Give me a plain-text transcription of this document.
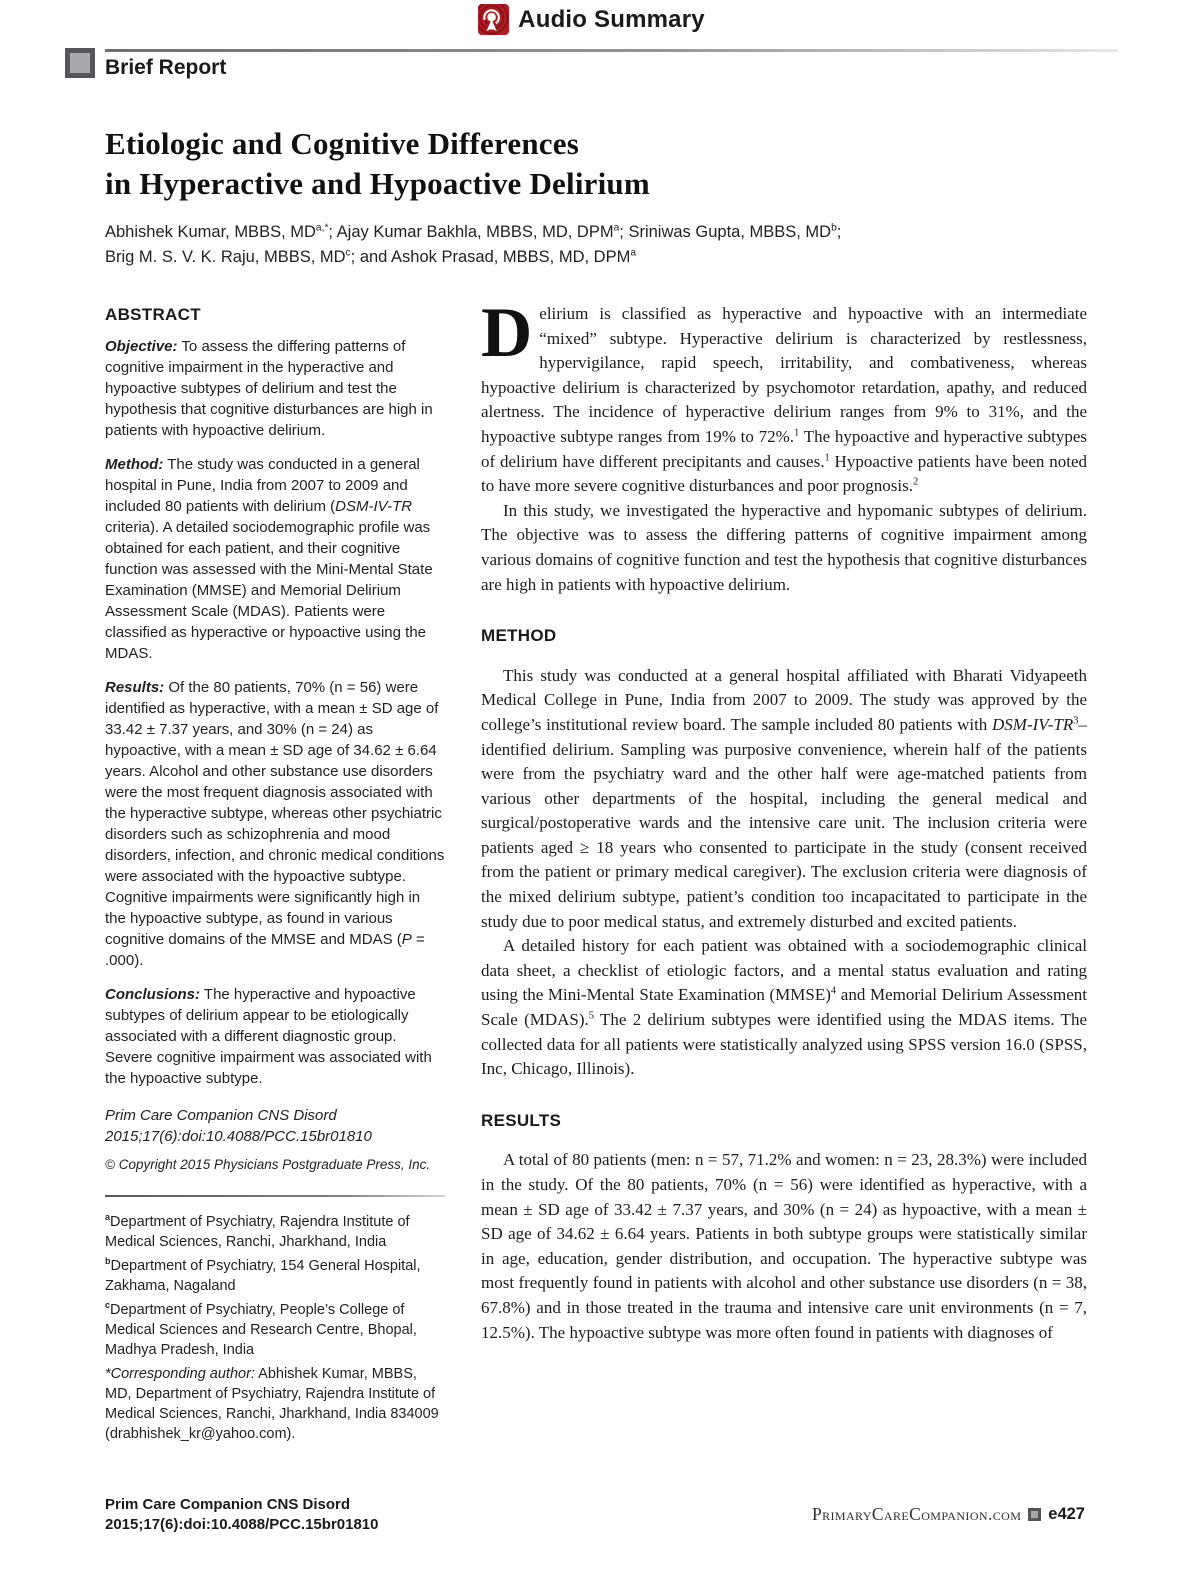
Audio Summary
Brief Report
Etiologic and Cognitive Differences
in Hyperactive and Hypoactive Delirium
Abhishek Kumar, MBBS, $MD^{a,*}$; Ajay Kumar Bakhla, MBBS, MD, DPM$^a$; Sriniwas Gupta, MBBS, $MD^b$;
Brig M. S. V. K. Raju, MBBS, $MD^c$; and Ashok Prasad, MBBS, MD, DPM$^a$
ABSTRACT

Objective: To assess the differing patterns of cognitive impairment in the hyperactive and hypoactive subtypes of delirium and test the hypothesis that cognitive disturbances are high in patients with hypoactive delirium.

Method: The study was conducted in a general hospital in Pune, India from 2007 to 2009 and included 80 patients with delirium (DSM-IV-TR criteria). A detailed sociodemographic profile was obtained for each patient, and their cognitive function was assessed with the Mini-Mental State Examination (MMSE) and Memorial Delirium Assessment Scale (MDAS). Patients were classified as hyperactive or hypoactive using the MDAS.

Results: Of the 80 patients, 70% (n = 56) were identified as hyperactive, with a mean ± SD age of 33.42 ± 7.37 years, and 30% (n = 24) as hypoactive, with a mean ± SD age of 34.62 ± 6.64 years. Alcohol and other substance use disorders were the most frequent diagnosis associated with the hyperactive subtype, whereas other psychiatric disorders such as schizophrenia and mood disorders, infection, and chronic medical conditions were associated with the hypoactive subtype. Cognitive impairments were significantly high in the hypoactive subtype, as found in various cognitive domains of the MMSE and MDAS (P = .000).

Conclusions: The hyperactive and hypoactive subtypes of delirium appear to be etiologically associated with a different diagnostic group. Severe cognitive impairment was associated with the hypoactive subtype.

Prim Care Companion CNS Disord
2015;17(6):doi:10.4088/PCC.15br01810
© Copyright 2015 Physicians Postgraduate Press, Inc.

$^a$Department of Psychiatry, Rajendra Institute of Medical Sciences, Ranchi, Jharkhand, India

$^b$Department of Psychiatry, 154 General Hospital, Zakhama, Nagaland

$^c$Department of Psychiatry, People’s College of Medical Sciences and Research Centre, Bhopal, Madhya Pradesh, India

*Corresponding author: Abhishek Kumar, MBBS, MD, Department of Psychiatry, Rajendra Institute of Medical Sciences, Ranchi, Jharkhand, India 834009 (drabhishek_kr@yahoo.com).

Delirium is classified as hyperactive and hypoactive with an intermediate “mixed” subtype. Hyperactive delirium is characterized by restlessness, hypervigilance, rapid speech, irritability, and combativeness, whereas hypoactive delirium is characterized by psychomotor retardation, apathy, and reduced alertness. The incidence of hyperactive delirium ranges from 9% to 31%, and the hypoactive subtype ranges from 19% to 72%.$^1$ The hypoactive and hyperactive subtypes of delirium have different precipitants and causes.$^1$ Hypoactive patients have been noted to have more severe cognitive disturbances and poor prognosis.$^2$

In this study, we investigated the hyperactive and hypomanic subtypes of delirium. The objective was to assess the differing patterns of cognitive impairment among various domains of cognitive function and test the hypothesis that cognitive disturbances are high in patients with hypoactive delirium.

METHOD

This study was conducted at a general hospital affiliated with Bharati Vidyapeeth Medical College in Pune, India from 2007 to 2009. The study was approved by the college’s institutional review board. The sample included 80 patients with DSM-$IV-TR^3$–identified delirium. Sampling was purposive convenience, wherein half of the patients were from the psychiatry ward and the other half were age-matched patients from various other departments of the hospital, including the general medical and surgical/postoperative wards and the intensive care unit. The inclusion criteria were patients aged ≥ 18 years who consented to participate in the study (consent received from the patient or primary medical caregiver). The exclusion criteria were diagnosis of the mixed delirium subtype, patient’s condition too incapacitated to participate in the study due to poor medical status, and extremely disturbed and excited patients.

A detailed history for each patient was obtained with a sociodemographic clinical data sheet, a checklist of etiologic factors, and a mental status evaluation and rating using the Mini-Mental State Examination (MMSE)$^4$ and Memorial Delirium Assessment Scale (MDAS).$^5$ The 2 delirium subtypes were identified using the MDAS items. The collected data for all patients were statistically analyzed using SPSS version 16.0 (SPSS, Inc, Chicago, Illinois).

RESULTS

A total of 80 patients (men: n = 57, 71.2% and women: n = 23, 28.3%) were included in the study. Of the 80 patients, 70% (n = 56) were identified as hyperactive, with a mean ± SD age of 33.42 ± 7.37 years, and 30% (n = 24) as hypoactive, with a mean ± SD age of 34.62 ± 6.64 years. Patients in both subtype groups were statistically similar in age, education, gender distribution, and occupation. The hyperactive subtype was most frequently found in patients with alcohol and other substance use disorders (n = 38, 67.8%) and in those treated in the trauma and intensive care unit environments (n = 7, 12.5%). The hypoactive subtype was more often found in patients with diagnoses of

Prim Care Companion CNS Disord
2015;17(6):doi:10.4088/PCC.15br01810	PrimaryCareCompanion.com e427
